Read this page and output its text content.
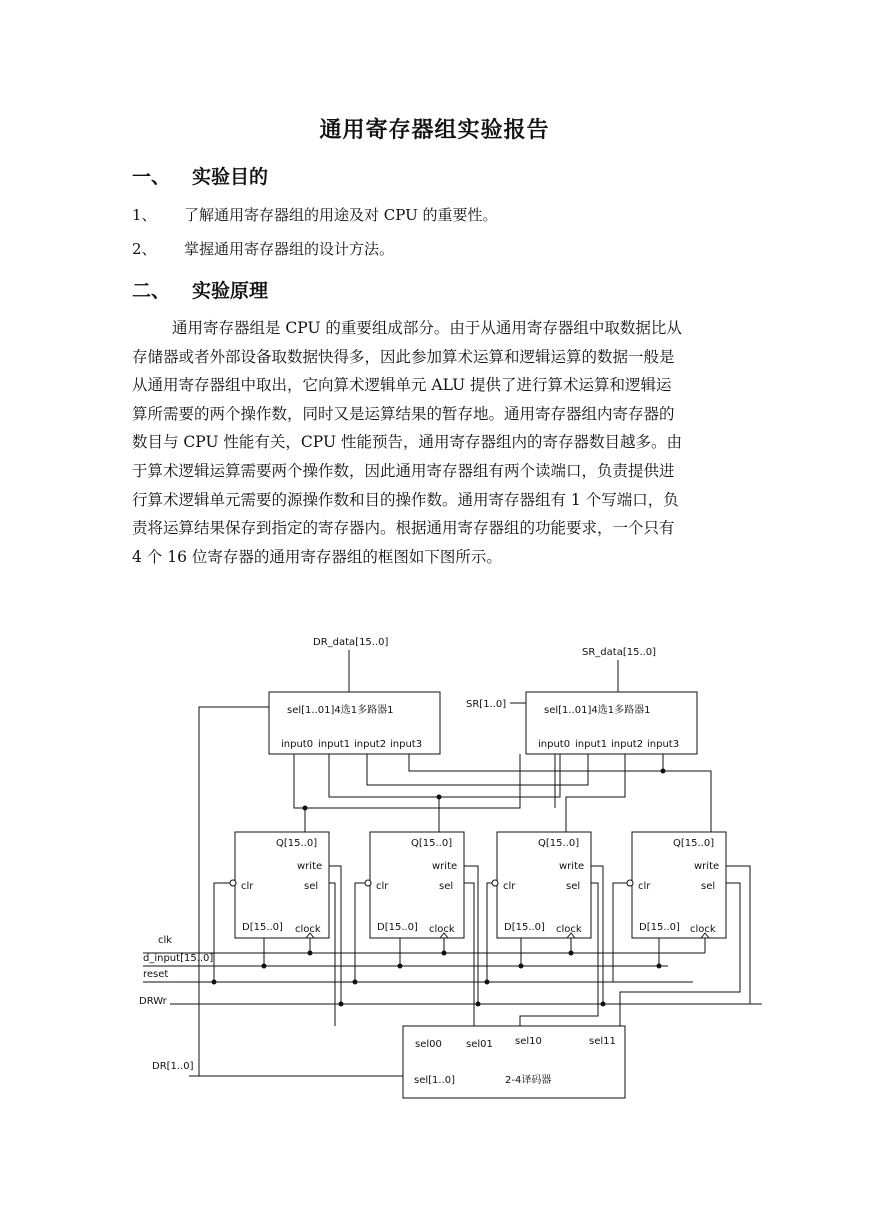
通用寄存器组实验报告
一、 实验目的
1、 了解通用寄存器组的用途及对 CPU 的重要性。
2、 掌握通用寄存器组的设计方法。
二、 实验原理

通用寄存器组是 CPU 的重要组成部分。由于从通用寄存器组中取数据比从

存储器或者外部设备取数据快得多，因此参加算术运算和逻辑运算的数据一般是

从通用寄存器组中取出，它向算术逻辑单元 ALU 提供了进行算术运算和逻辑运

算所需要的两个操作数，同时又是运算结果的暂存地。通用寄存器组内寄存器的

数目与 CPU 性能有关，CPU 性能预告，通用寄存器组内的寄存器数目越多。由

于算术逻辑运算需要两个操作数，因此通用寄存器组有两个读端口，负责提供进

行算术逻辑单元需要的源操作数和目的操作数。通用寄存器组有 1 个写端口，负

责将运算结果保存到指定的寄存器内。根据通用寄存器组的功能要求，一个只有

4 个 16 位寄存器的通用寄存器组的框图如下图所示。

DR_data[15..0]
SR_data[15..0]
SR[1..0]
sel[1..01]4选1多路器1
input0 input1 input2 input3
sel[1..01]4选1多路器1
input0 input1 input2 input3
Q[15..0]
write
sel
clr
D[15..0] clock
Q[15..0]
write
sel
clr
D[15..0] clock
Q[15..0]
write
sel
clr
D[15..0] clock
Q[15..0]
write
sel
clr
D[15..0] clock
clk
d_input[15..0]
reset
DRWr
DR[1..0]
sel00 sel01 sel10	sel11
sel[1..0]	2-4译码器
